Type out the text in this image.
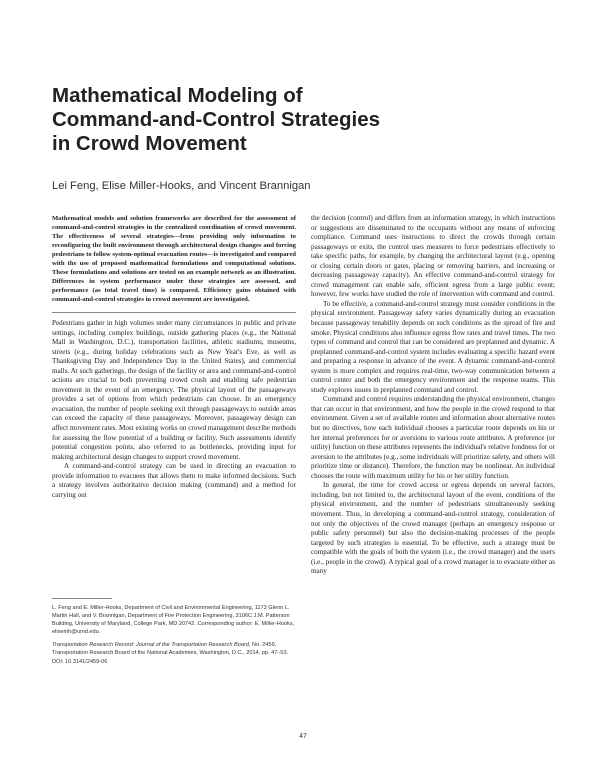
Mathematical Modeling of
Command-and-Control Strategies
in Crowd Movement

Lei Feng, Elise Miller-Hooks, and Vincent Brannigan

Mathematical models and solution frameworks are described for the assessment of command-and-control strategies in the centralized coordination of crowd movement. The effectiveness of several strategies—from providing only information to reconfiguring the built environment through architectural design changes and forcing pedestrians to follow system-optimal evacuation routes—is investigated and compared with the use of proposed mathematical formulations and computational solutions. These formulations and solutions are tested on an example network as an illustration. Differences in system performance under these strategies are assessed, and performance (as total travel time) is compared. Efficiency gains obtained with command-and-control strategies in crowd movement are investigated.

Pedestrians gather in high volumes under many circumstances in public and private settings, including complex buildings, outside gathering places (e.g., the National Mall in Washington, D.C.), transportation facilities, athletic stadiums, museums, streets (e.g., during holiday celebrations such as New Year's Eve, as well as Thanksgiving Day and Independence Day in the United States), and commercial malls. At such gatherings, the design of the facility or area and command-and-control actions are crucial to both preventing crowd crush and enabling safe pedestrian movement in the event of an emergency. The physical layout of the passageways provides a set of options from which pedestrians can choose. In an emergency evacuation, the number of people seeking exit through passageways to outside areas can exceed the capacity of these passageways. Moreover, passageway design can affect movement rates. Most existing works on crowd management describe methods for assessing the flow potential of a building or facility. Such assessments identify potential congestion points, also referred to as bottlenecks, providing input for making architectural design changes to support crowd movement.

A command-and-control strategy can be used in directing an evacuation to provide information to evacuees that allows them to make informed decisions. Such a strategy involves authoritative decision making (command) and a method for carrying out

L. Feng and E. Miller-Hooks, Department of Civil and Environmental Engineering, 1173 Glenn L. Martin Hall, and V. Brannigan, Department of Fire Protection Engineering, 3106C J.M. Patterson Building, University of Maryland, College Park, MD 20742. Corresponding author: E. Miller-Hooks, elisemh@umd.edu.

Transportation Research Record: Journal of the Transportation Research Board, No. 2459, Transportation Research Board of the National Academies, Washington, D.C., 2014, pp. 47–53.
DOI: 10.3141/2459-06

the decision (control) and differs from an information strategy, in which instructions or suggestions are disseminated to the occupants without any means of enforcing compliance. Command uses instructions to direct the crowds through certain passageways or exits, the control uses measures to force pedestrians effectively to take specific paths, for example, by changing the architectural layout (e.g., opening or closing certain doors or gates, placing or removing barriers, and increasing or decreasing passageway capacity). An effective command-and-control strategy for crowd management can enable safe, efficient egress from a large public event; however, few works have studied the role of intervention with command and control.

To be effective, a command-and-control strategy must consider conditions in the physical environment. Passageway safety varies dynamically during an evacuation because passageway tenability depends on such conditions as the spread of fire and smoke. Physical conditions also influence egress flow rates and travel times. The two types of command and control that can be considered are preplanned and dynamic. A preplanned command-and-control system includes evaluating a specific hazard event and preparing a response in advance of the event. A dynamic command-and-control system is more complex and requires real-time, two-way communication between a control center and both the emergency environment and the response teams. This study explores issues in preplanned command and control.

Command and control requires understanding the physical environment, changes that can occur in that environment, and how the people in the crowd respond to that environment. Given a set of available routes and information about alternative routes but no directives, how each individual chooses a particular route depends on his or her internal preferences for or aversions to various route attributes. A preference (or utility) function on these attributes represents the individual's relative fondness for or aversion to the attributes (e.g., some individuals will prioritize safety, and others will prioritize time or distance). Therefore, the function may be nonlinear. An individual chooses the route with maximum utility for his or her utility function.

In general, the time for crowd access or egress depends on several factors, including, but not limited to, the architectural layout of the event, conditions of the physical environment, and the number of pedestrians simultaneously seeking movement. Thus, in developing a command-and-control strategy, consideration of not only the objectives of the crowd manager (perhaps an emergency response or public safety personnel) but also the decision-making processes of the people targeted by such strategies is essential. To be effective, such a strategy must be compatible with the goals of both the system (i.e., the crowd manager) and the users (i.e., people in the crowd). A typical goal of a crowd manager is to evacuate either as many

47
